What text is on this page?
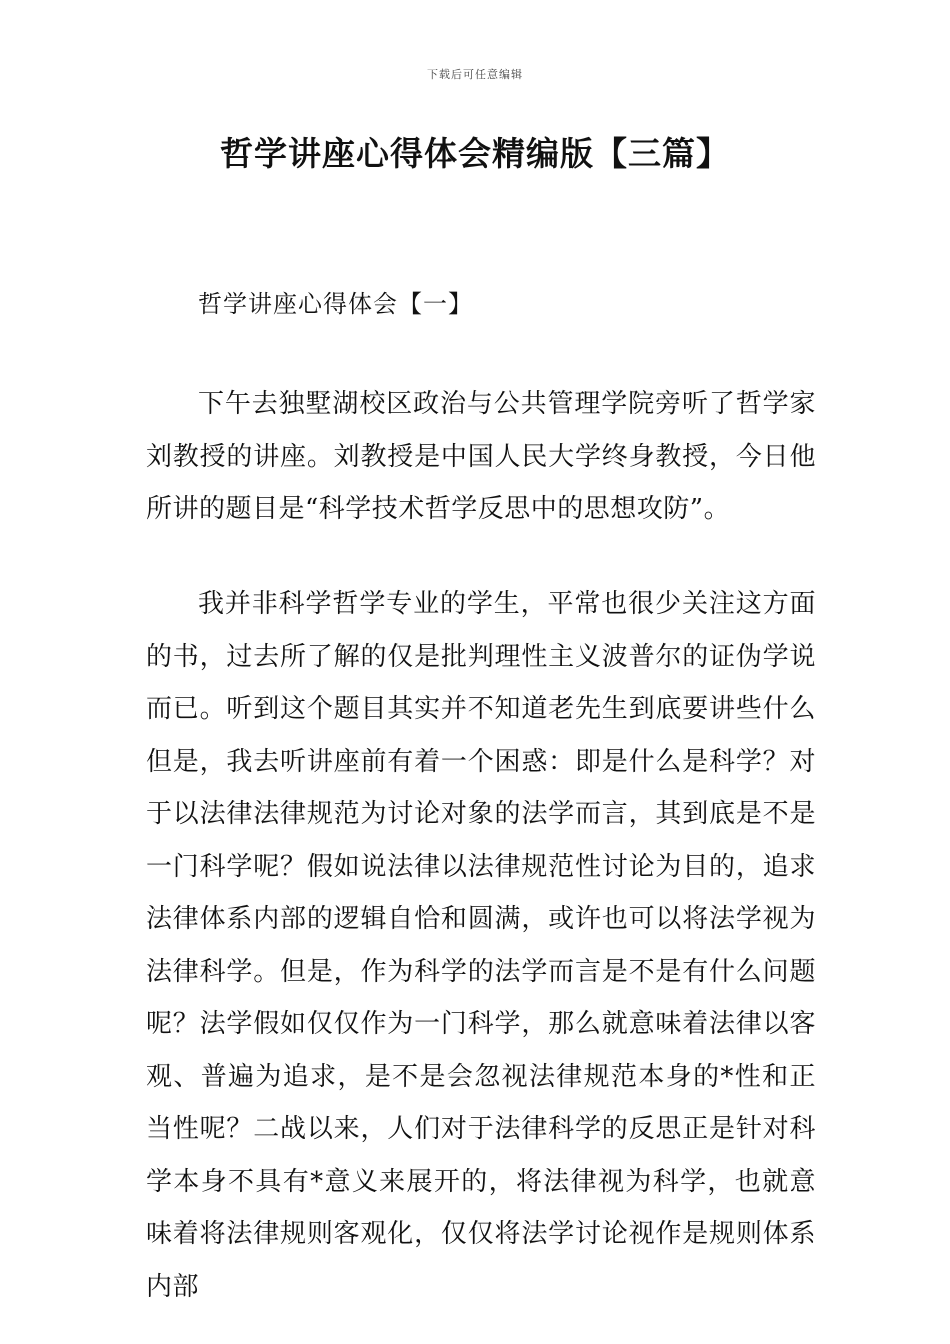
下载后可任意编辑
哲学讲座心得体会精编版【三篇】
哲学讲座心得体会【一】

下午去独墅湖校区政治与公共管理学院旁听了哲学家刘教授的讲座。刘教授是中国人民大学终身教授，今日他所讲的题目是“科学技术哲学反思中的思想攻防”。

我并非科学哲学专业的学生，平常也很少关注这方面的书，过去所了解的仅是批判理性主义波普尔的证伪学说而已。听到这个题目其实并不知道老先生到底要讲些什么但是，我去听讲座前有着一个困惑：即是什么是科学？对于以法律法律规范为讨论对象的法学而言，其到底是不是一门科学呢？假如说法律以法律规范性讨论为目的，追求法律体系内部的逻辑自恰和圆满，或许也可以将法学视为法律科学。但是，作为科学的法学而言是不是有什么问题呢？法学假如仅仅作为一门科学，那么就意味着法律以客观、普遍为追求，是不是会忽视法律规范本身的*性和正当性呢？二战以来，人们对于法律科学的反思正是针对科学本身不具有*意义来展开的，将法律视为科学，也就意味着将法律规则客观化，仅仅将法学讨论视作是规则体系内部
